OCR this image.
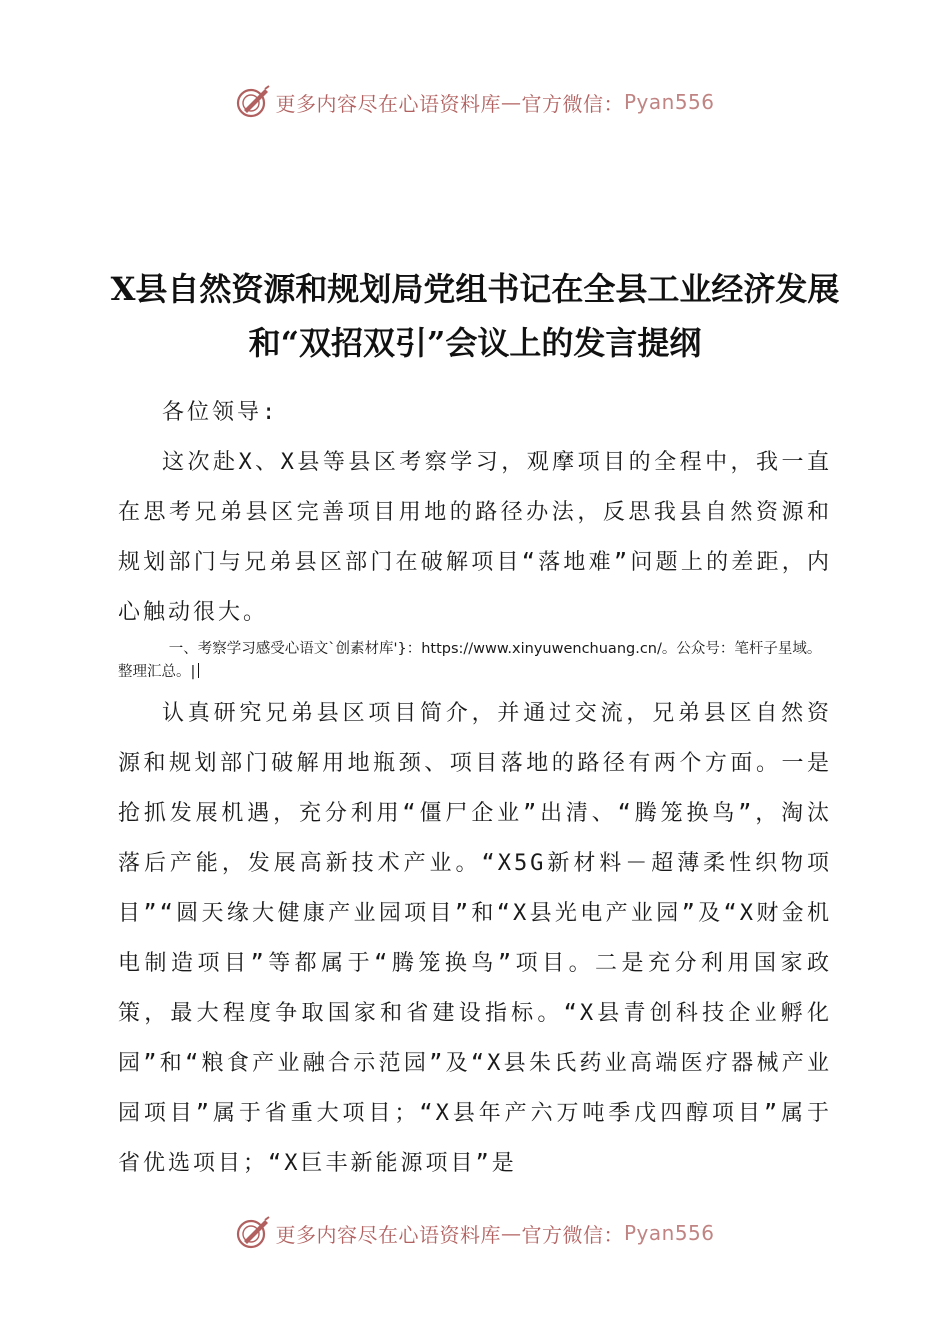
更多内容尽在心语资料库 — 官方微信： Pyan556
X县自然资源和规划局党组书记在全县工业经济发展和“双招双引”会议上的发言提纲
各位领导:
这次赴X、X县等县区考察学习，观摩项目的全程中，我一直在思考兄弟县区完善项目用地的路径办法，反思我县自然资源和规划部门与兄弟县区部门在破解项目“落地难”问题上的差距，内心触动很大。
一、考察学习感受心语文`创素材库'}：https://www.xinyuwenchuang.cn/。公众号：笔杆子星域。整理汇总。|
认真研究兄弟县区项目简介，并通过交流，兄弟县区自然资源和规划部门破解用地瓶颈、项目落地的路径有两个方面。一是抢抓发展机遇，充分利用“僵尸企业”出清、“腾笼换鸟”，淘汰落后产能，发展高新技术产业。“X5G新材料－超薄柔性织物项目”“圆天缘大健康产业园项目”和“X县光电产业园”及“X财金机电制造项目”等都属于“腾笼换鸟”项目。二是充分利用国家政策，最大程度争取国家和省建设指标。“X县青创科技企业孵化园”和“粮食产业融合示范园”及“X县朱氏药业高端医疗器械产业园项目”属于省重大项目；“X县年产六万吨季戊四醇项目”属于省优选项目；“X巨丰新能源项目”是
更多内容尽在心语资料库 — 官方微信： Pyan556
